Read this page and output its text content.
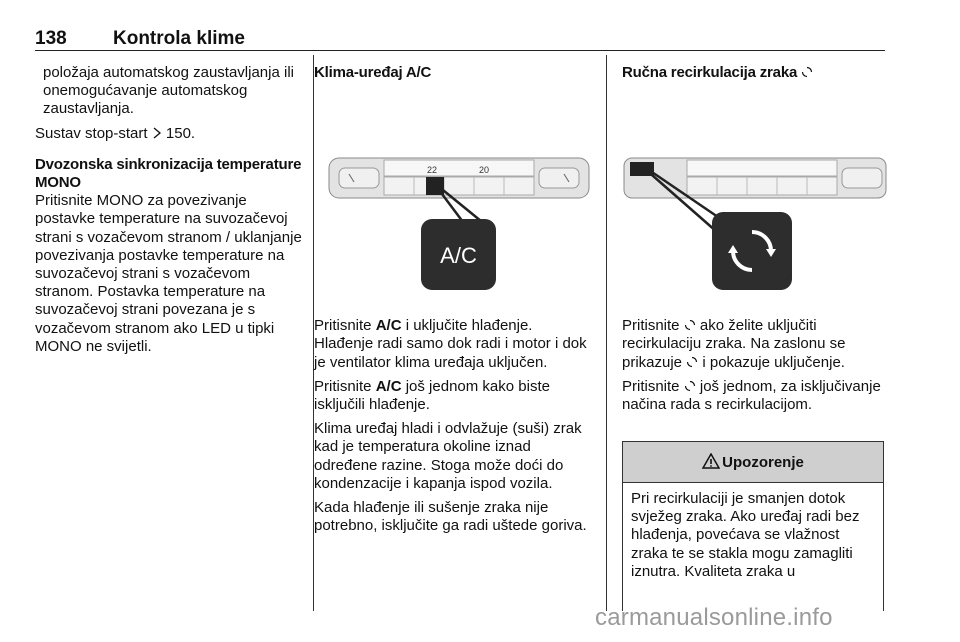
138 Kontrola klime

položaja automatskog zaustavljanja ili onemogućavanje automatskog zaustavljanja.

Sustav stop-start 150.

Dvozonska sinkronizacija temperature MONO

Pritisnite MONO za povezivanje postavke temperature na suvozačevoj strani s vozačevom stranom / uklanjanje povezivanja postavke temperature na suvozačevoj strani s vozačevom stranom. Postavka temperature na suvozačevoj strani povezana je s vozačevom stranom ako LED u tipki MONO ne svijetli.

Klima-uređaj A/C

22	20
A/C

Pritisnite A/C i uključite hlađenje. Hlađenje radi samo dok radi i motor i dok je ventilator klima uređaja uključen.

Pritisnite A/C još jednom kako biste isključili hlađenje.

Klima uređaj hladi i odvlažuje (suši) zrak kad je temperatura okoline iznad određene razine. Stoga može doći do kondenzacije i kapanja ispod vozila.

Kada hlađenje ili sušenje zraka nije potrebno, isključite ga radi uštede goriva.

Ručna recirkulacija zraka

Pritisnite ako želite uključiti recirkulaciju zraka. Na zaslonu se prikazuje i pokazuje uključenje.

Pritisnite još jednom, za isključivanje načina rada s recirkulacijom.

Upozorenje
Pri recirkulaciji je smanjen dotok svježeg zraka. Ako uređaj radi bez hlađenja, povećava se vlažnost zraka te se stakla mogu zamagliti iznutra. Kvaliteta zraka u
carmanualsonline.info
